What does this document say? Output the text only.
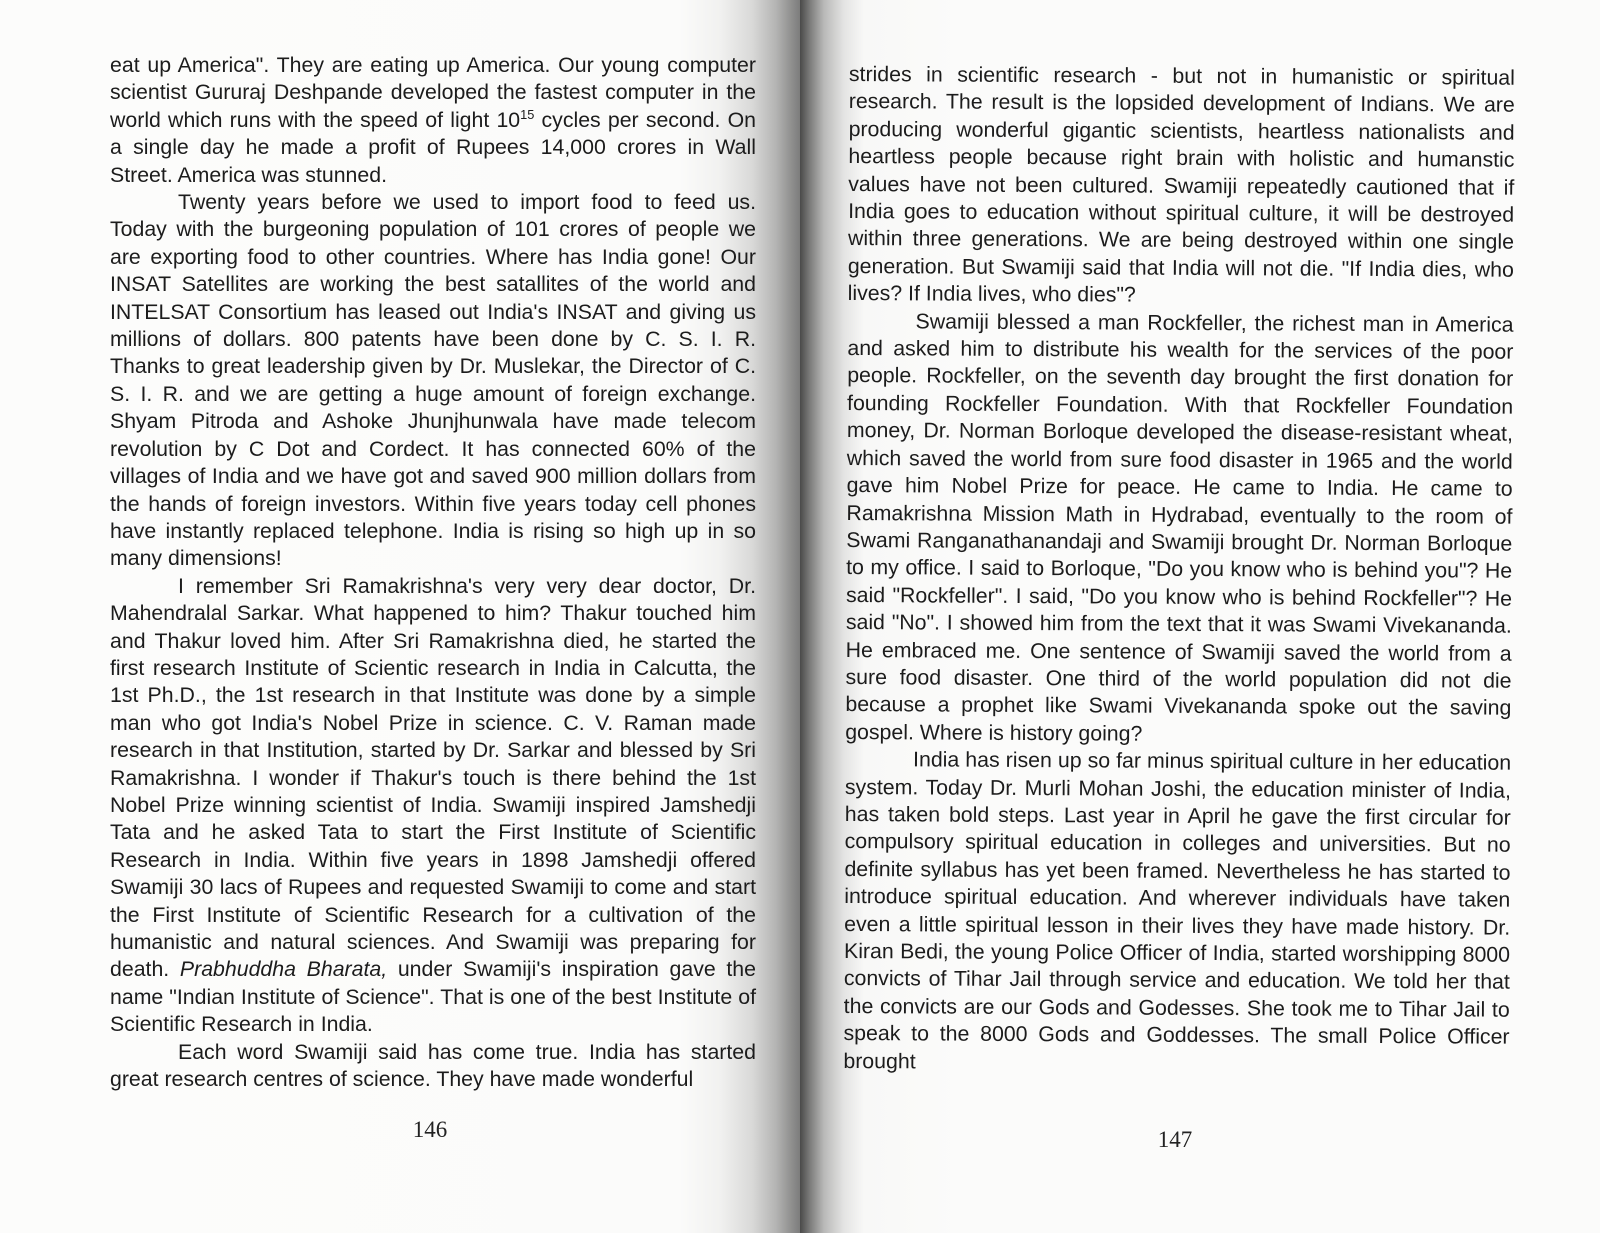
eat up America". They are eating up America. Our young computer scientist Gururaj Deshpande developed the fastest computer in the world which runs with the speed of light $10^{15}$ cycles per second. On a single day he made a profit of Rupees 14,000 crores in Wall Street. America was stunned.

Twenty years before we used to import food to feed us. Today with the burgeoning population of 101 crores of people we are exporting food to other countries. Where has India gone! Our INSAT Satellites are working the best satallites of the world and INTELSAT Consortium has leased out India's INSAT and giving us millions of dollars. 800 patents have been done by C. S. I. R. Thanks to great leadership given by Dr. Muslekar, the Director of C. S. I. R. and we are getting a huge amount of foreign exchange. Shyam Pitroda and Ashoke Jhunjhunwala have made telecom revolution by C Dot and Cordect. It has connected 60% of the villages of India and we have got and saved 900 million dollars from the hands of foreign investors. Within five years today cell phones have instantly replaced telephone. India is rising so high up in so many dimensions!

I remember Sri Ramakrishna's very very dear doctor, Dr. Mahendralal Sarkar. What happened to him? Thakur touched him and Thakur loved him. After Sri Ramakrishna died, he started the first research Institute of Scientic research in India in Calcutta, the 1st Ph.D., the 1st research in that Institute was done by a simple man who got India's Nobel Prize in science. C. V. Raman made research in that Institution, started by Dr. Sarkar and blessed by Sri Ramakrishna. I wonder if Thakur's touch is there behind the 1st Nobel Prize winning scientist of India. Swamiji inspired Jamshedji Tata and he asked Tata to start the First Institute of Scientific Research in India. Within five years in 1898 Jamshedji offered Swamiji 30 lacs of Rupees and requested Swamiji to come and start the First Institute of Scientific Research for a cultivation of the humanistic and natural sciences. And Swamiji was preparing for death. Prabhuddha Bharata, under Swamiji's inspiration gave the name "Indian Institute of Science". That is one of the best Institute of Scientific Research in India.

Each word Swamiji said has come true. India has started great research centres of science. They have made wonderful

146

strides in scientific research - but not in humanistic or spiritual research. The result is the lopsided development of Indians. We are producing wonderful gigantic scientists, heartless nationalists and heartless people because right brain with holistic and humanstic values have not been cultured. Swamiji repeatedly cautioned that if India goes to education without spiritual culture, it will be destroyed within three generations. We are being destroyed within one single generation. But Swamiji said that India will not die. "If India dies, who lives? If India lives, who dies"?

Swamiji blessed a man Rockfeller, the richest man in America and asked him to distribute his wealth for the services of the poor people. Rockfeller, on the seventh day brought the first donation for founding Rockfeller Foundation. With that Rockfeller Foundation money, Dr. Norman Borloque developed the disease-resistant wheat, which saved the world from sure food disaster in 1965 and the world gave him Nobel Prize for peace. He came to India. He came to Ramakrishna Mission Math in Hydrabad, eventually to the room of Swami Ranganathanandaji and Swamiji brought Dr. Norman Borloque to my office. I said to Borloque, "Do you know who is behind you"? He said "Rockfeller". I said, "Do you know who is behind Rockfeller"? He said "No". I showed him from the text that it was Swami Vivekananda. He embraced me. One sentence of Swamiji saved the world from a sure food disaster. One third of the world population did not die because a prophet like Swami Vivekananda spoke out the saving gospel. Where is history going?

India has risen up so far minus spiritual culture in her education system. Today Dr. Murli Mohan Joshi, the education minister of India, has taken bold steps. Last year in April he gave the first circular for compulsory spiritual education in colleges and universities. But no definite syllabus has yet been framed. Nevertheless he has started to introduce spiritual education. And wherever individuals have taken even a little spiritual lesson in their lives they have made history. Dr. Kiran Bedi, the young Police Officer of India, started worshipping 8000 convicts of Tihar Jail through service and education. We told her that the convicts are our Gods and Godesses. She took me to Tihar Jail to speak to the 8000 Gods and Goddesses. The small Police Officer brought

147
